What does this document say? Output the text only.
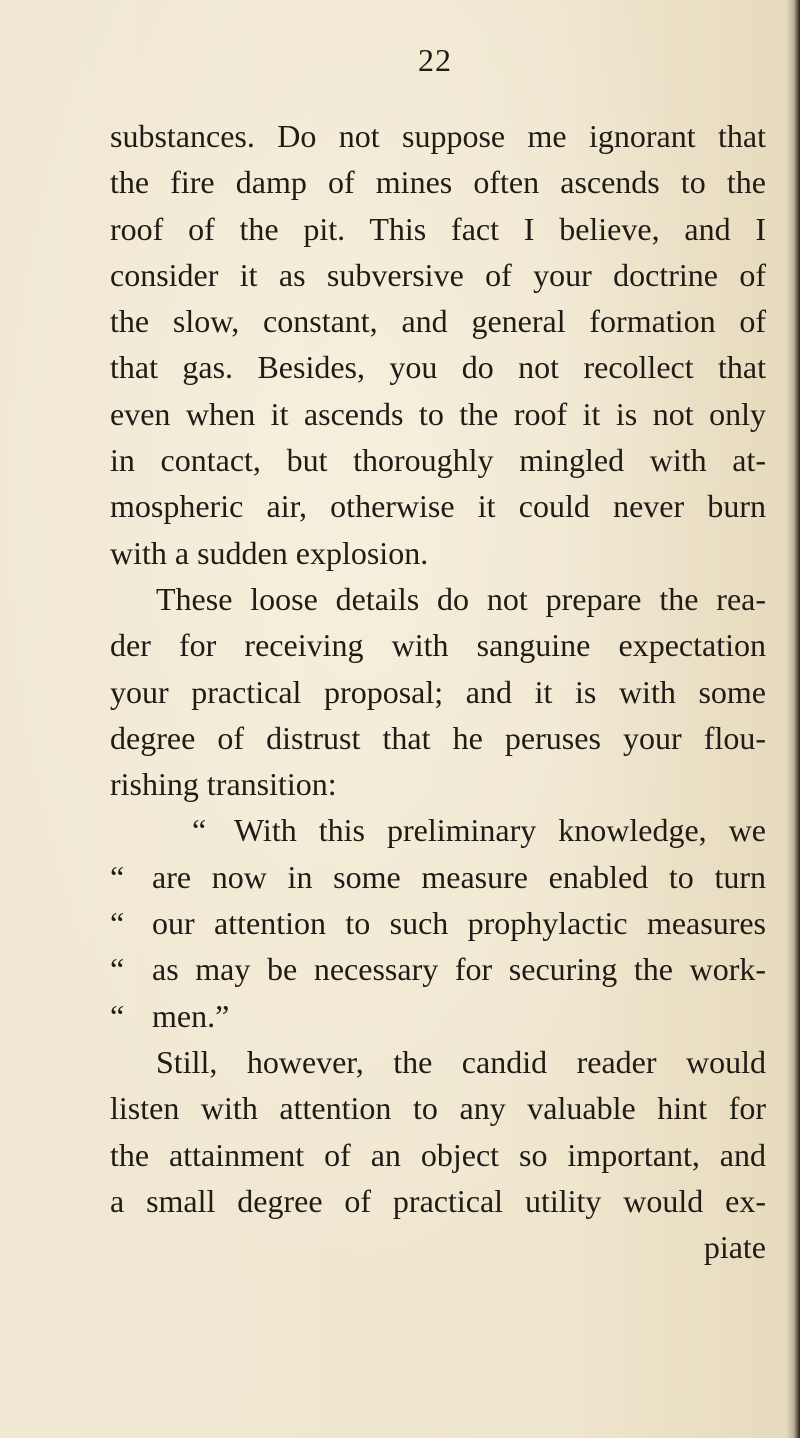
22
substances. Do not suppose me ignorant that
the fire damp of mines often ascends to the
roof of the pit. This fact I believe, and I
consider it as subversive of your doctrine of
the slow, constant, and general formation of
that gas. Besides, you do not recollect that
even when it ascends to the roof it is not only
in contact, but thoroughly mingled with at-
mospheric air, otherwise it could never burn
with a sudden explosion.
These loose details do not prepare the rea-
der for receiving with sanguine expectation
your practical proposal; and it is with some
degree of distrust that he peruses your flou-
rishing transition:
“ With this preliminary knowledge, we
“ are now in some measure enabled to turn
“ our attention to such prophylactic measures
“ as may be necessary for securing the work-
“ men.”
Still, however, the candid reader would
listen with attention to any valuable hint for
the attainment of an object so important, and
a small degree of practical utility would ex-
piate
